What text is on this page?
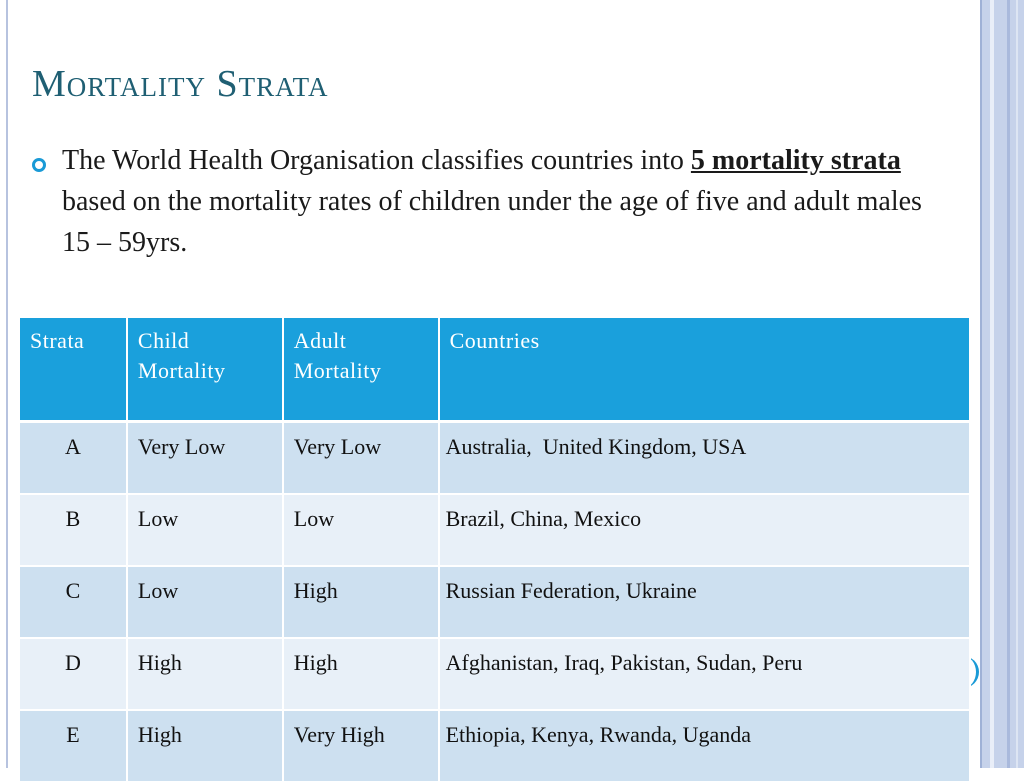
Mortality Strata
The World Health Organisation classifies countries into 5 mortality strata based on the mortality rates of children under the age of five and adult males 15 – 59yrs.
Strata	Child Mortality	Adult Mortality	Countries
A	Very Low	Very Low	Australia,  United Kingdom, USA
B	Low	Low	Brazil, China, Mexico
C	Low	High	Russian Federation, Ukraine
D	High	High	Afghanistan, Iraq, Pakistan, Sudan, Peru
E	High	Very High	Ethiopia, Kenya, Rwanda, Uganda
